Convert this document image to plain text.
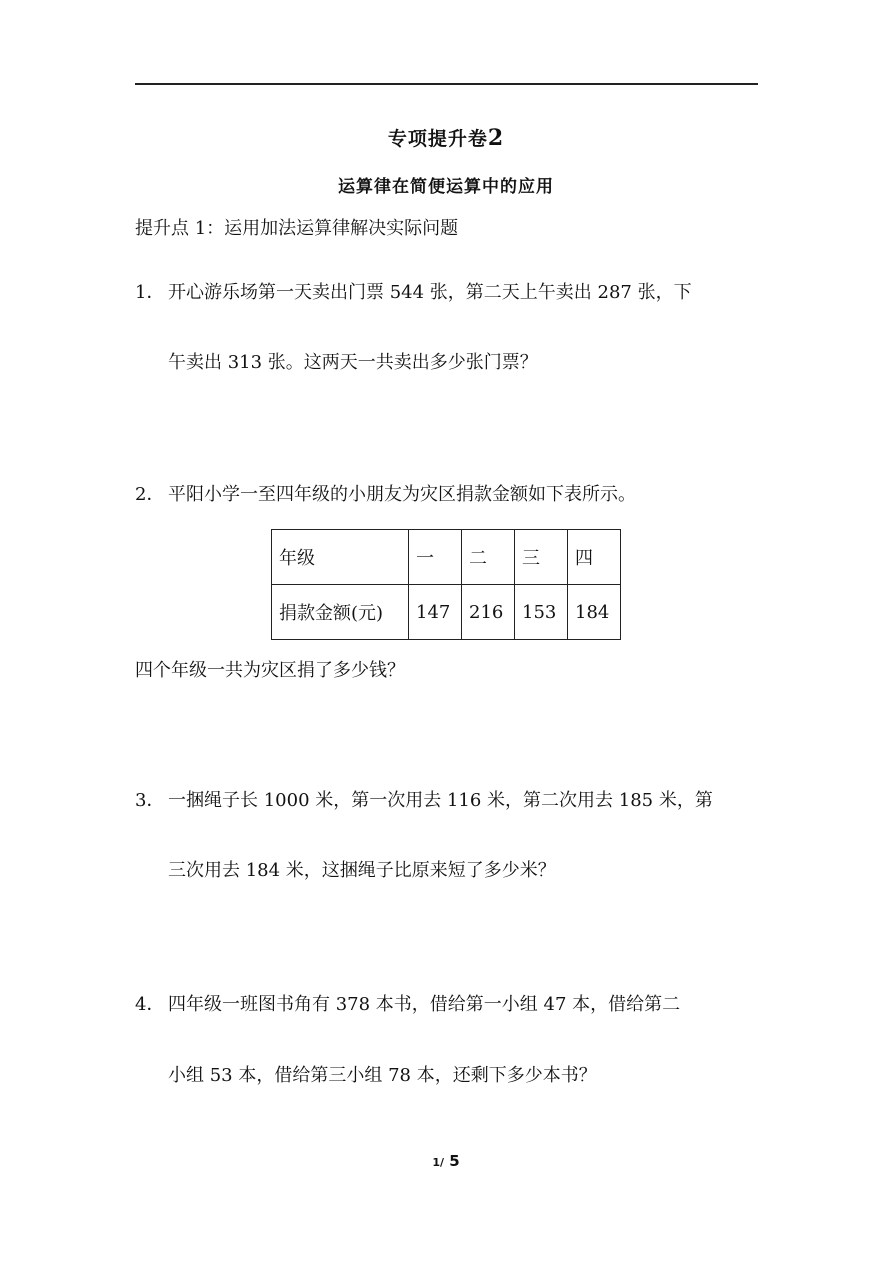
专项提升卷2
运算律在简便运算中的应用
提升点 1：运用加法运算律解决实际问题
1． 开心游乐场第一天卖出门票 544 张，第二天上午卖出 287 张，下
午卖出 313 张。这两天一共卖出多少张门票？
2． 平阳小学一至四年级的小朋友为灾区捐款金额如下表所示。
年级	一	二	三	四
捐款金额(元)	147	216	153	184
四个年级一共为灾区捐了多少钱？
3． 一捆绳子长 1000 米，第一次用去 116 米，第二次用去 185 米，第
三次用去 184 米，这捆绳子比原来短了多少米？
4． 四年级一班图书角有 378 本书，借给第一小组 47 本，借给第二
小组 53 本，借给第三小组 78 本，还剩下多少本书？
1/ 5
